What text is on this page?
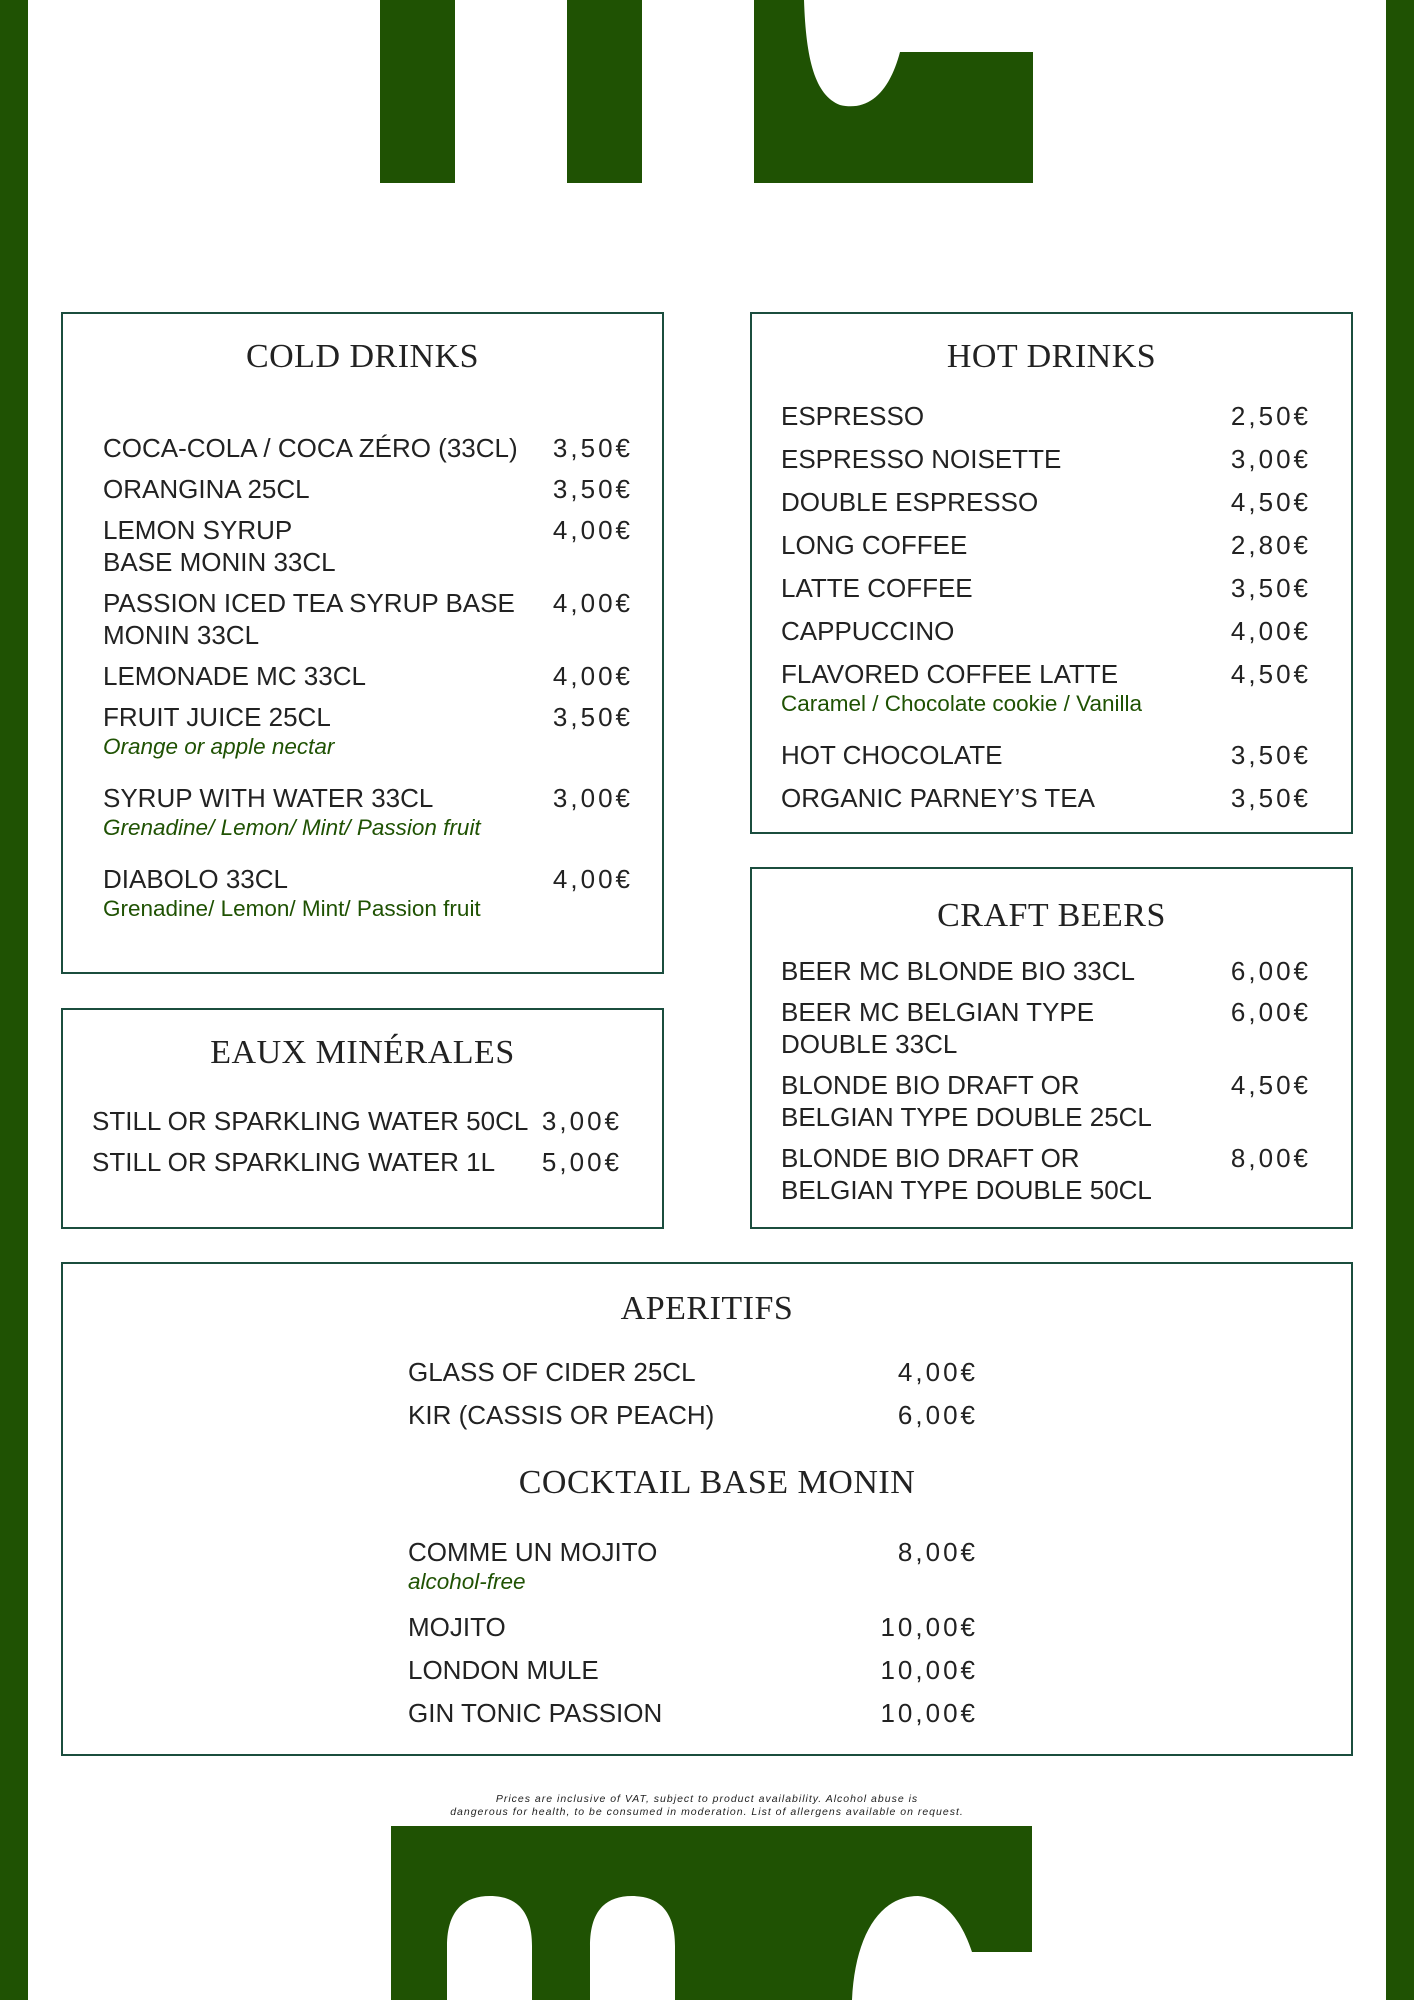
COLD DRINKS
COCA-COLA / COCA ZÉRO (33CL) 3,50€
ORANGINA 25CL	3,50€
LEMON SYRUP
BASE MONIN 33CL
4,00€
PASSION ICED TEA SYRUP BASE
MONIN 33CL
4,00€
LEMONADE MC 33CL	4,00€
FRUIT JUICE 25CL
Orange or apple nectar
3,50€
SYRUP WITH WATER 33CL
Grenadine/ Lemon/ Mint/ Passion fruit
3,00€
DIABOLO 33CL
Grenadine/ Lemon/ Mint/ Passion fruit
4,00€
EAUX MINÉRALES
STILL OR SPARKLING WATER 50CL 3,00€
STILL OR SPARKLING WATER 1L 5,00€
HOT DRINKS
ESPRESSO	2,50€
ESPRESSO NOISETTE	3,00€
DOUBLE ESPRESSO	4,50€
LONG COFFEE	2,80€
LATTE COFFEE	3,50€
CAPPUCCINO	4,00€
FLAVORED COFFEE LATTE
Caramel / Chocolate cookie / Vanilla
4,50€
HOT CHOCOLATE	3,50€
ORGANIC PARNEY’S TEA	3,50€
CRAFT BEERS
BEER MC BLONDE BIO 33CL	6,00€
BEER MC BELGIAN TYPE
DOUBLE 33CL
6,00€
BLONDE BIO DRAFT OR
BELGIAN TYPE DOUBLE 25CL
4,50€
BLONDE BIO DRAFT OR
BELGIAN TYPE DOUBLE 50CL
8,00€
APERITIFS
GLASS OF CIDER 25CL	4,00€
KIR (CASSIS OR PEACH)	6,00€
COCKTAIL BASE MONIN
COMME UN MOJITO
alcohol-free
8,00€
MOJITO	10,00€
LONDON MULE	10,00€
GIN TONIC PASSION	10,00€
Prices are inclusive of VAT, subject to product availability. Alcohol abuse is
dangerous for health, to be consumed in moderation. List of allergens available on request.
